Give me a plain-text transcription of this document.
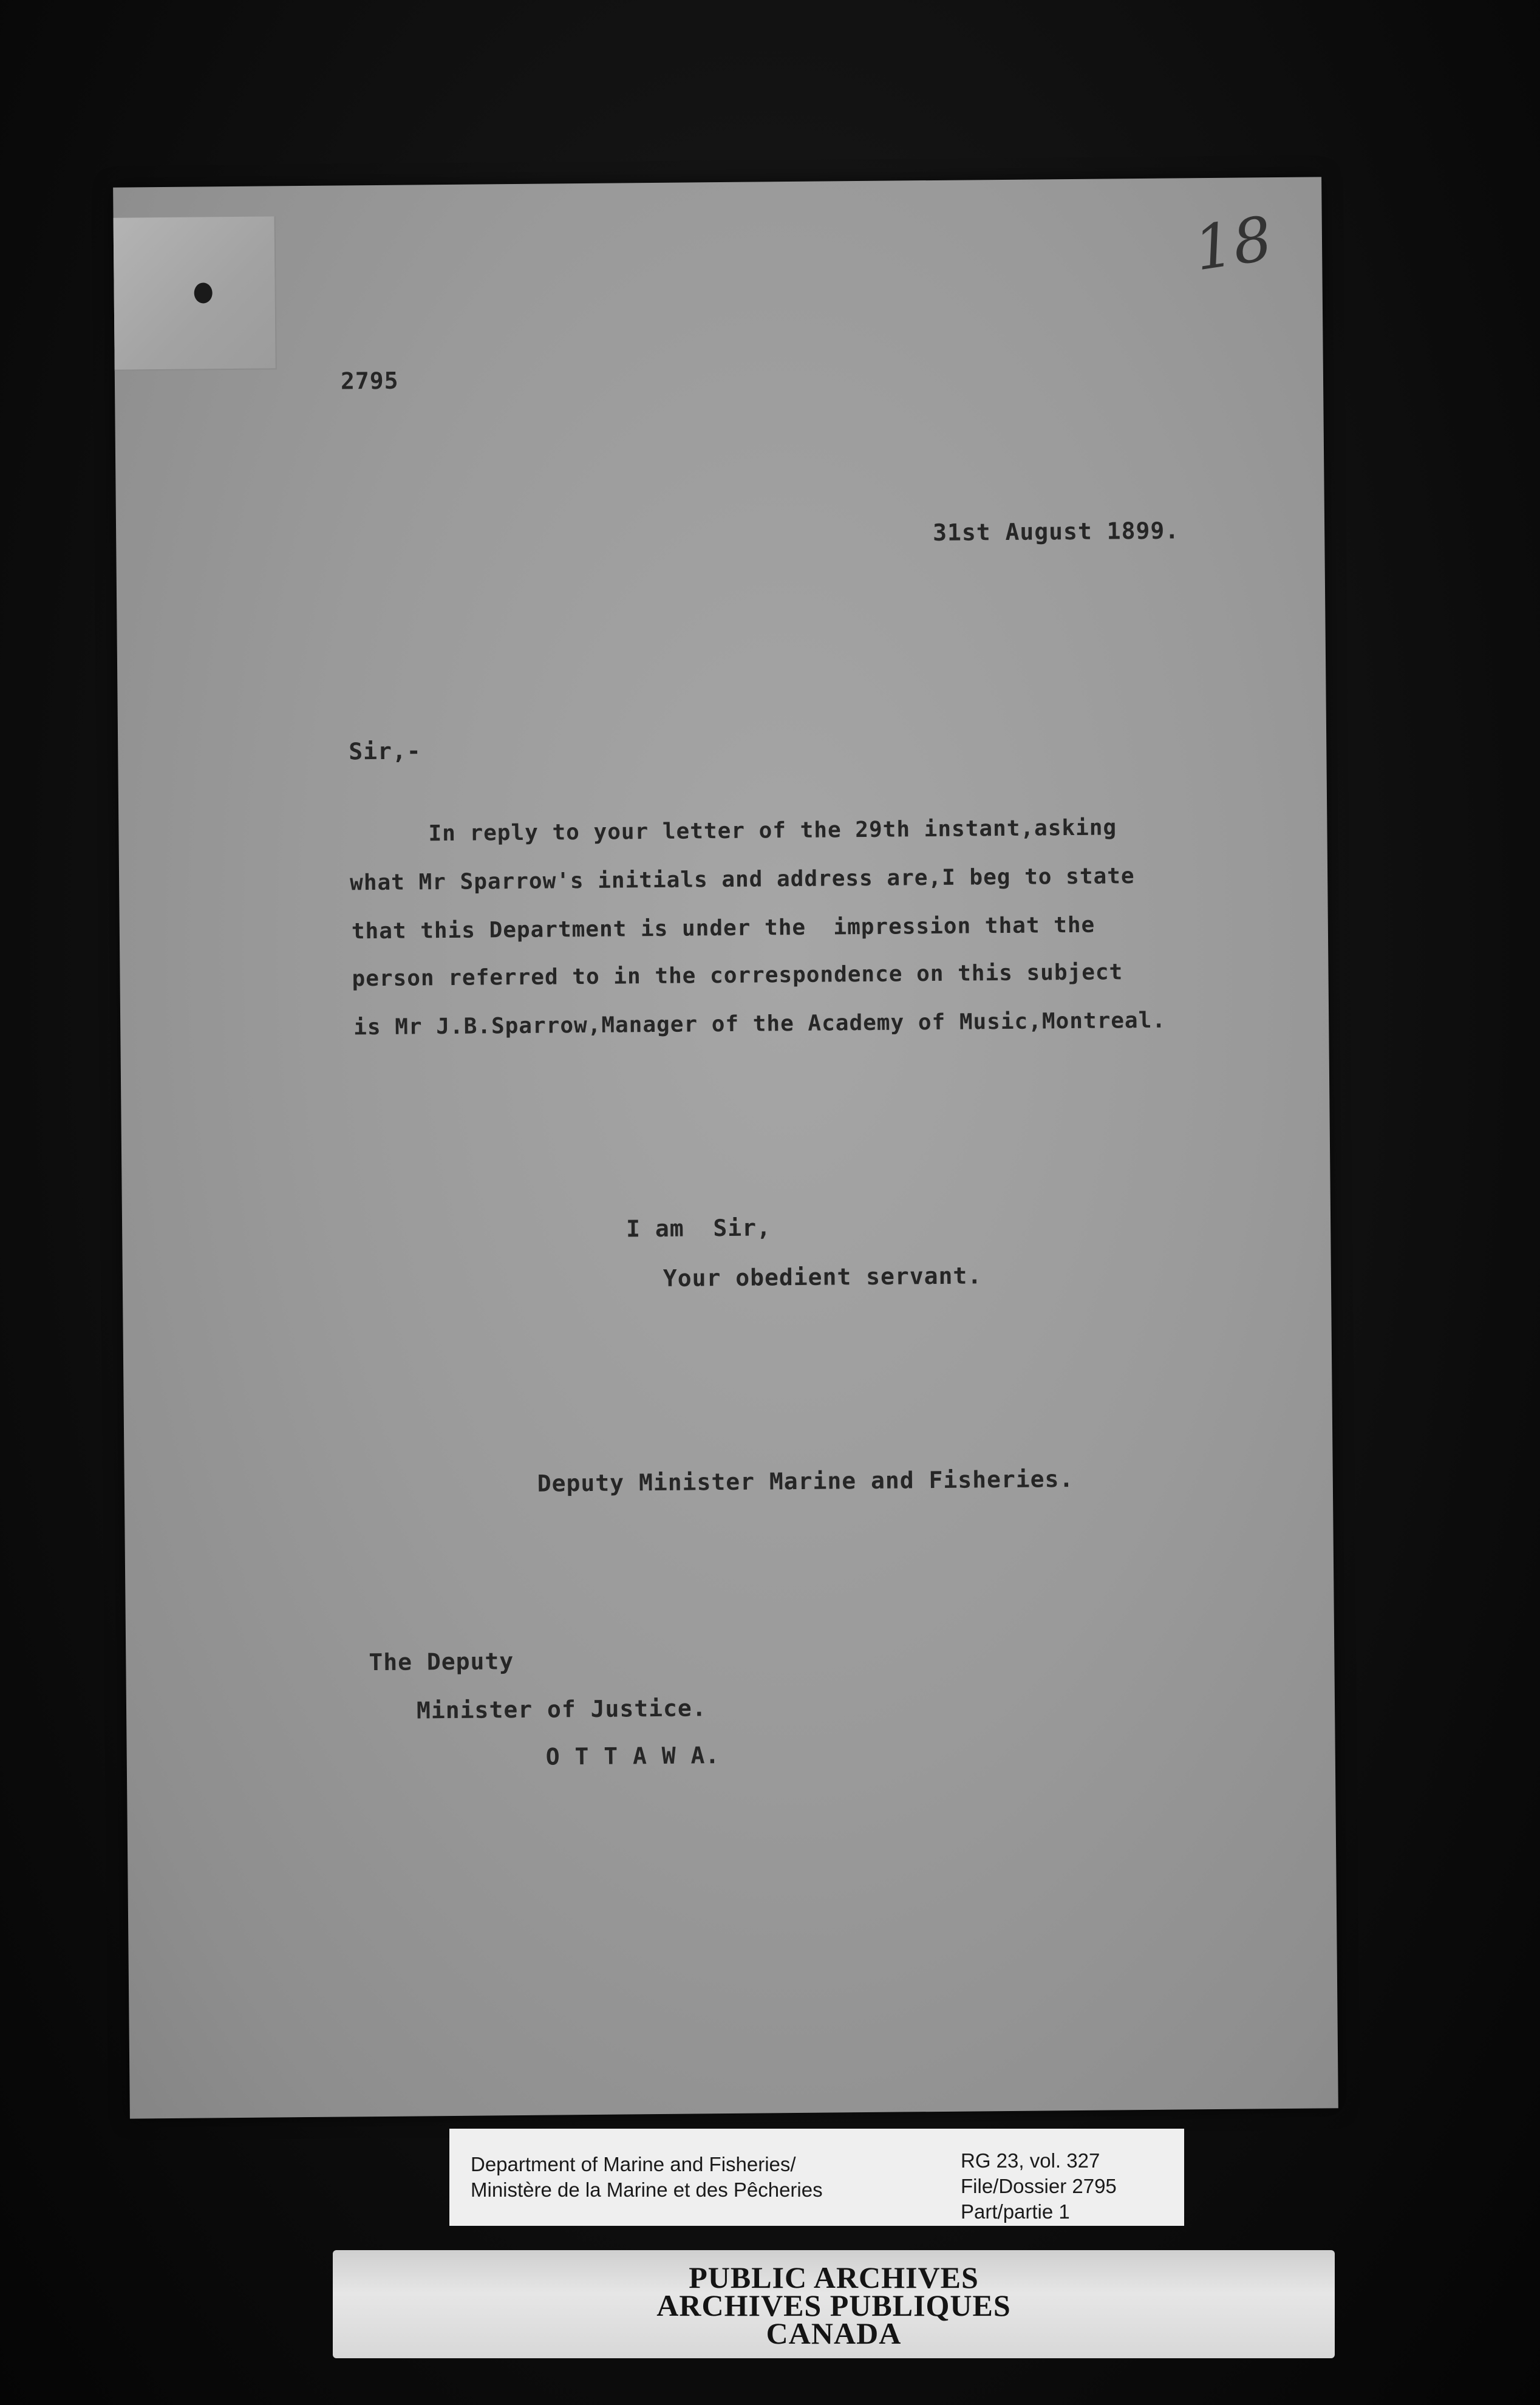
18
2795
31st August 1899.
Sir,-
In reply to your letter of the 29th instant,asking
what Mr Sparrow's initials and address are,I beg to state
that this Department is under the  impression that the
person referred to in the correspondence on this subject
is Mr J.B.Sparrow,Manager of the Academy of Music,Montreal.
I am  Sir,
Your obedient servant.
Deputy Minister Marine and Fisheries.
The Deputy
Minister of Justice.
O T T A W A.
Department of Marine and Fisheries/
Ministère de la Marine et des Pêcheries
RG 23, vol. 327
File/Dossier 2795
Part/partie 1
PUBLIC ARCHIVES
ARCHIVES PUBLIQUES
CANADA
